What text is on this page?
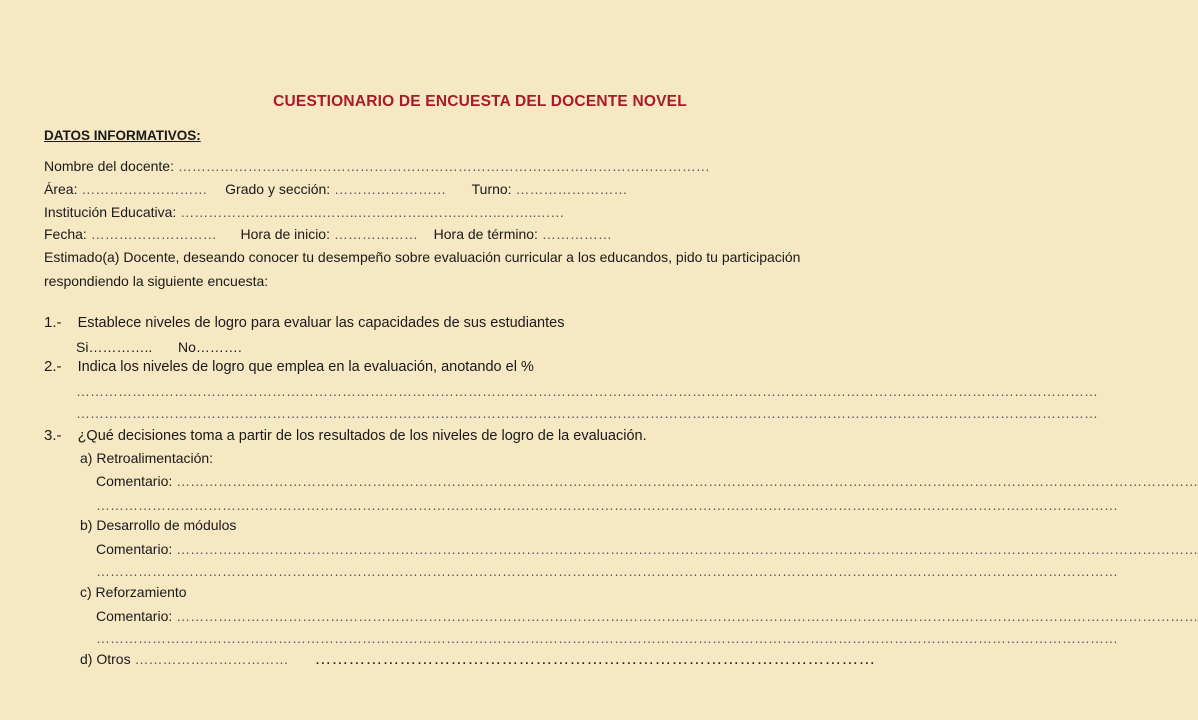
CUESTIONARIO DE ENCUESTA DEL DOCENTE NOVEL
DATOS INFORMATIVOS:
Nombre del docente: ……………………………………………………………………………………………………
Área: ……………………… Grado y sección: …………………… Turno: ……………………
Institución Educativa: …………………..……..……..……..……..……..……..……..……
Fecha: ……………………… Hora de inicio: ……………… Hora de término: ……………
Estimado(a) Docente, deseando conocer tu desempeño sobre evaluación curricular a los educandos, pido tu participación
respondiendo la siguiente encuesta:
1.- Establece niveles de logro para evaluar las capacidades de sus estudiantes
Si………….. No……….
2.- Indica los niveles de logro que emplea en la evaluación, anotando el %
…………………………………………………………………………………………………………………………………………………………………………………………………
…………………………………………………………………………………………………………………………………………………………………………………………………
3.- ¿Qué decisiones toma a partir de los resultados de los niveles de logro de la evaluación.
a) Retroalimentación:
Comentario: …………………………………………………………………………………………………………………………………………………………………………………………………
…………………………………………………………………………………………………………………………………………………………………………………………………
b) Desarrollo de módulos
Comentario: …………………………………………………………………………………………………………………………………………………………………………………………………
…………………………………………………………………………………………………………………………………………………………………………………………………
c) Reforzamiento
Comentario: …………………………………………………………………………………………………………………………………………………………………………………………………
…………………………………………………………………………………………………………………………………………………………………………………………………
d) Otros …………………………… ………………………………………………………………………………………
